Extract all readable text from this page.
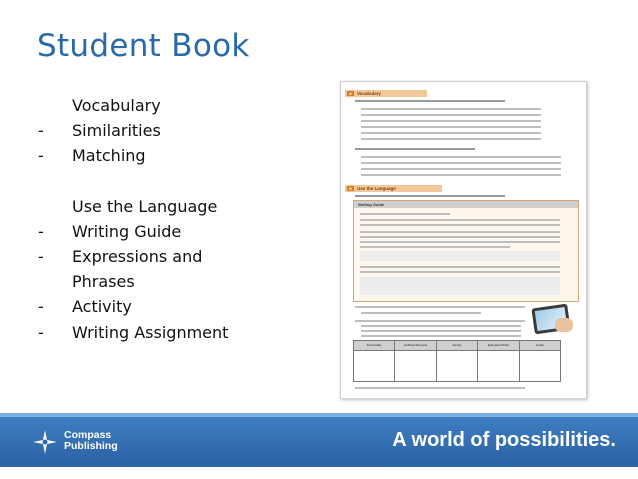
Student Book
Vocabulary
-	Similarities
-	Matching
Use the Language
-	Writing Guide
-	Expressions and Phrases
-	Activity
-	Writing Assignment
A	Vocabulary
B	Use the Language
Writing Guide
Personality	Hobbies/Interests	Family	Education/Work	Goals
Compass
Publishing	A world of possibilities.
